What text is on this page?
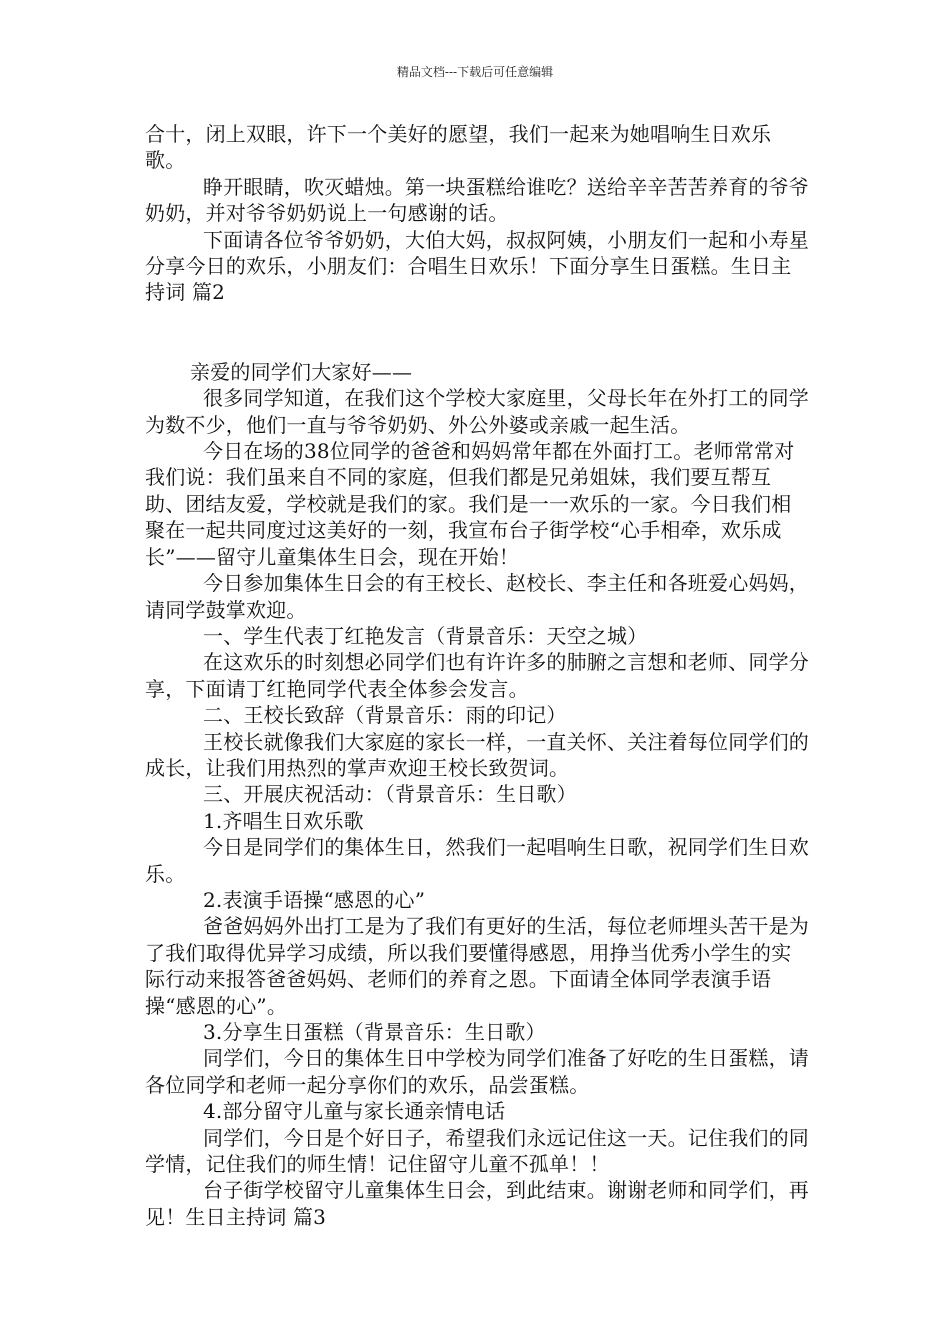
精品文档---下载后可任意编辑

合十，闭上双眼，许下一个美好的愿望，我们一起来为她唱响生日欢乐歌。

睁开眼睛，吹灭蜡烛。第一块蛋糕给谁吃？送给辛辛苦苦养育的爷爷奶奶，并对爷爷奶奶说上一句感谢的话。

下面请各位爷爷奶奶，大伯大妈，叔叔阿姨，小朋友们一起和小寿星分享今日的欢乐，小朋友们：合唱生日欢乐！下面分享生日蛋糕。生日主持词 篇2

亲爱的同学们大家好——

很多同学知道，在我们这个学校大家庭里，父母长年在外打工的同学为数不少，他们一直与爷爷奶奶、外公外婆或亲戚一起生活。

今日在场的38位同学的爸爸和妈妈常年都在外面打工。老师常常对我们说：我们虽来自不同的家庭，但我们都是兄弟姐妹，我们要互帮互助、团结友爱，学校就是我们的家。我们是一一欢乐的一家。今日我们相聚在一起共同度过这美好的一刻，我宣布台子街学校“心手相牵，欢乐成长”——留守儿童集体生日会，现在开始！

今日参加集体生日会的有王校长、赵校长、李主任和各班爱心妈妈，请同学鼓掌欢迎。

一、学生代表丁红艳发言（背景音乐：天空之城）

在这欢乐的时刻想必同学们也有许许多的肺腑之言想和老师、同学分享，下面请丁红艳同学代表全体参会发言。

二、王校长致辞（背景音乐：雨的印记）

王校长就像我们大家庭的家长一样，一直关怀、关注着每位同学们的成长，让我们用热烈的掌声欢迎王校长致贺词。

三、开展庆祝活动：（背景音乐：生日歌）

1.齐唱生日欢乐歌

今日是同学们的集体生日，然我们一起唱响生日歌，祝同学们生日欢乐。

2.表演手语操“感恩的心”

爸爸妈妈外出打工是为了我们有更好的生活，每位老师埋头苦干是为了我们取得优异学习成绩，所以我们要懂得感恩，用挣当优秀小学生的实际行动来报答爸爸妈妈、老师们的养育之恩。下面请全体同学表演手语操“感恩的心”。

3.分享生日蛋糕（背景音乐：生日歌）

同学们，今日的集体生日中学校为同学们准备了好吃的生日蛋糕，请各位同学和老师一起分享你们的欢乐，品尝蛋糕。

4.部分留守儿童与家长通亲情电话

同学们，今日是个好日子，希望我们永远记住这一天。记住我们的同学情，记住我们的师生情！记住留守儿童不孤单！！

台子街学校留守儿童集体生日会，到此结束。谢谢老师和同学们，再见！生日主持词 篇3
